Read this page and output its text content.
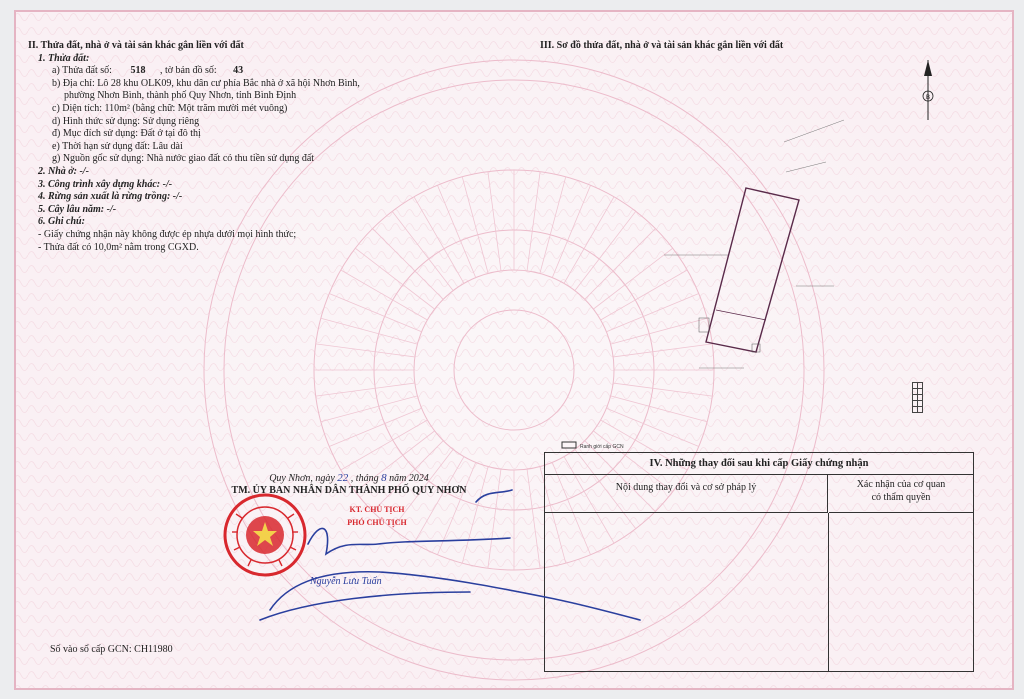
II. Thửa đất, nhà ở và tài sản khác gắn liền với đất
1. Thửa đất:
a) Thửa đất số: 518 , tờ bản đồ số: 43
b) Địa chỉ: Lô 28 khu OLK09, khu dân cư phía Bắc nhà ở xã hội Nhơn Bình,
phường Nhơn Bình, thành phố Quy Nhơn, tỉnh Bình Định
c) Diện tích: 110m² (bằng chữ: Một trăm mười mét vuông)
d) Hình thức sử dụng: Sử dụng riêng
đ) Mục đích sử dụng: Đất ở tại đô thị
e) Thời hạn sử dụng đất: Lâu dài
g) Nguồn gốc sử dụng: Nhà nước giao đất có thu tiền sử dụng đất
2. Nhà ở: -/-
3. Công trình xây dựng khác: -/-
4. Rừng sản xuất là rừng trồng: -/-
5. Cây lâu năm: -/-
6. Ghi chú:
- Giấy chứng nhận này không được ép nhựa dưới mọi hình thức;
- Thửa đất có 10,0m² nằm trong CGXD.
III. Sơ đồ thửa đất, nhà ở và tài sản khác gắn liền với đất
B
Ranh giới cấp GCN

IV. Những thay đổi sau khi cấp Giấy chứng nhận
Nội dung thay đổi và cơ sở pháp lý	Xác nhận của cơ quan
có thẩm quyền
Quy Nhơn, ngày 22 , tháng 8 năm 2024
TM. ỦY BAN NHÂN DÂN THÀNH PHỐ QUY NHƠN
KT. CHỦ TỊCH
PHÓ CHỦ TỊCH
Nguyễn Lưu Tuấn
Số vào sổ cấp GCN: CH11980
